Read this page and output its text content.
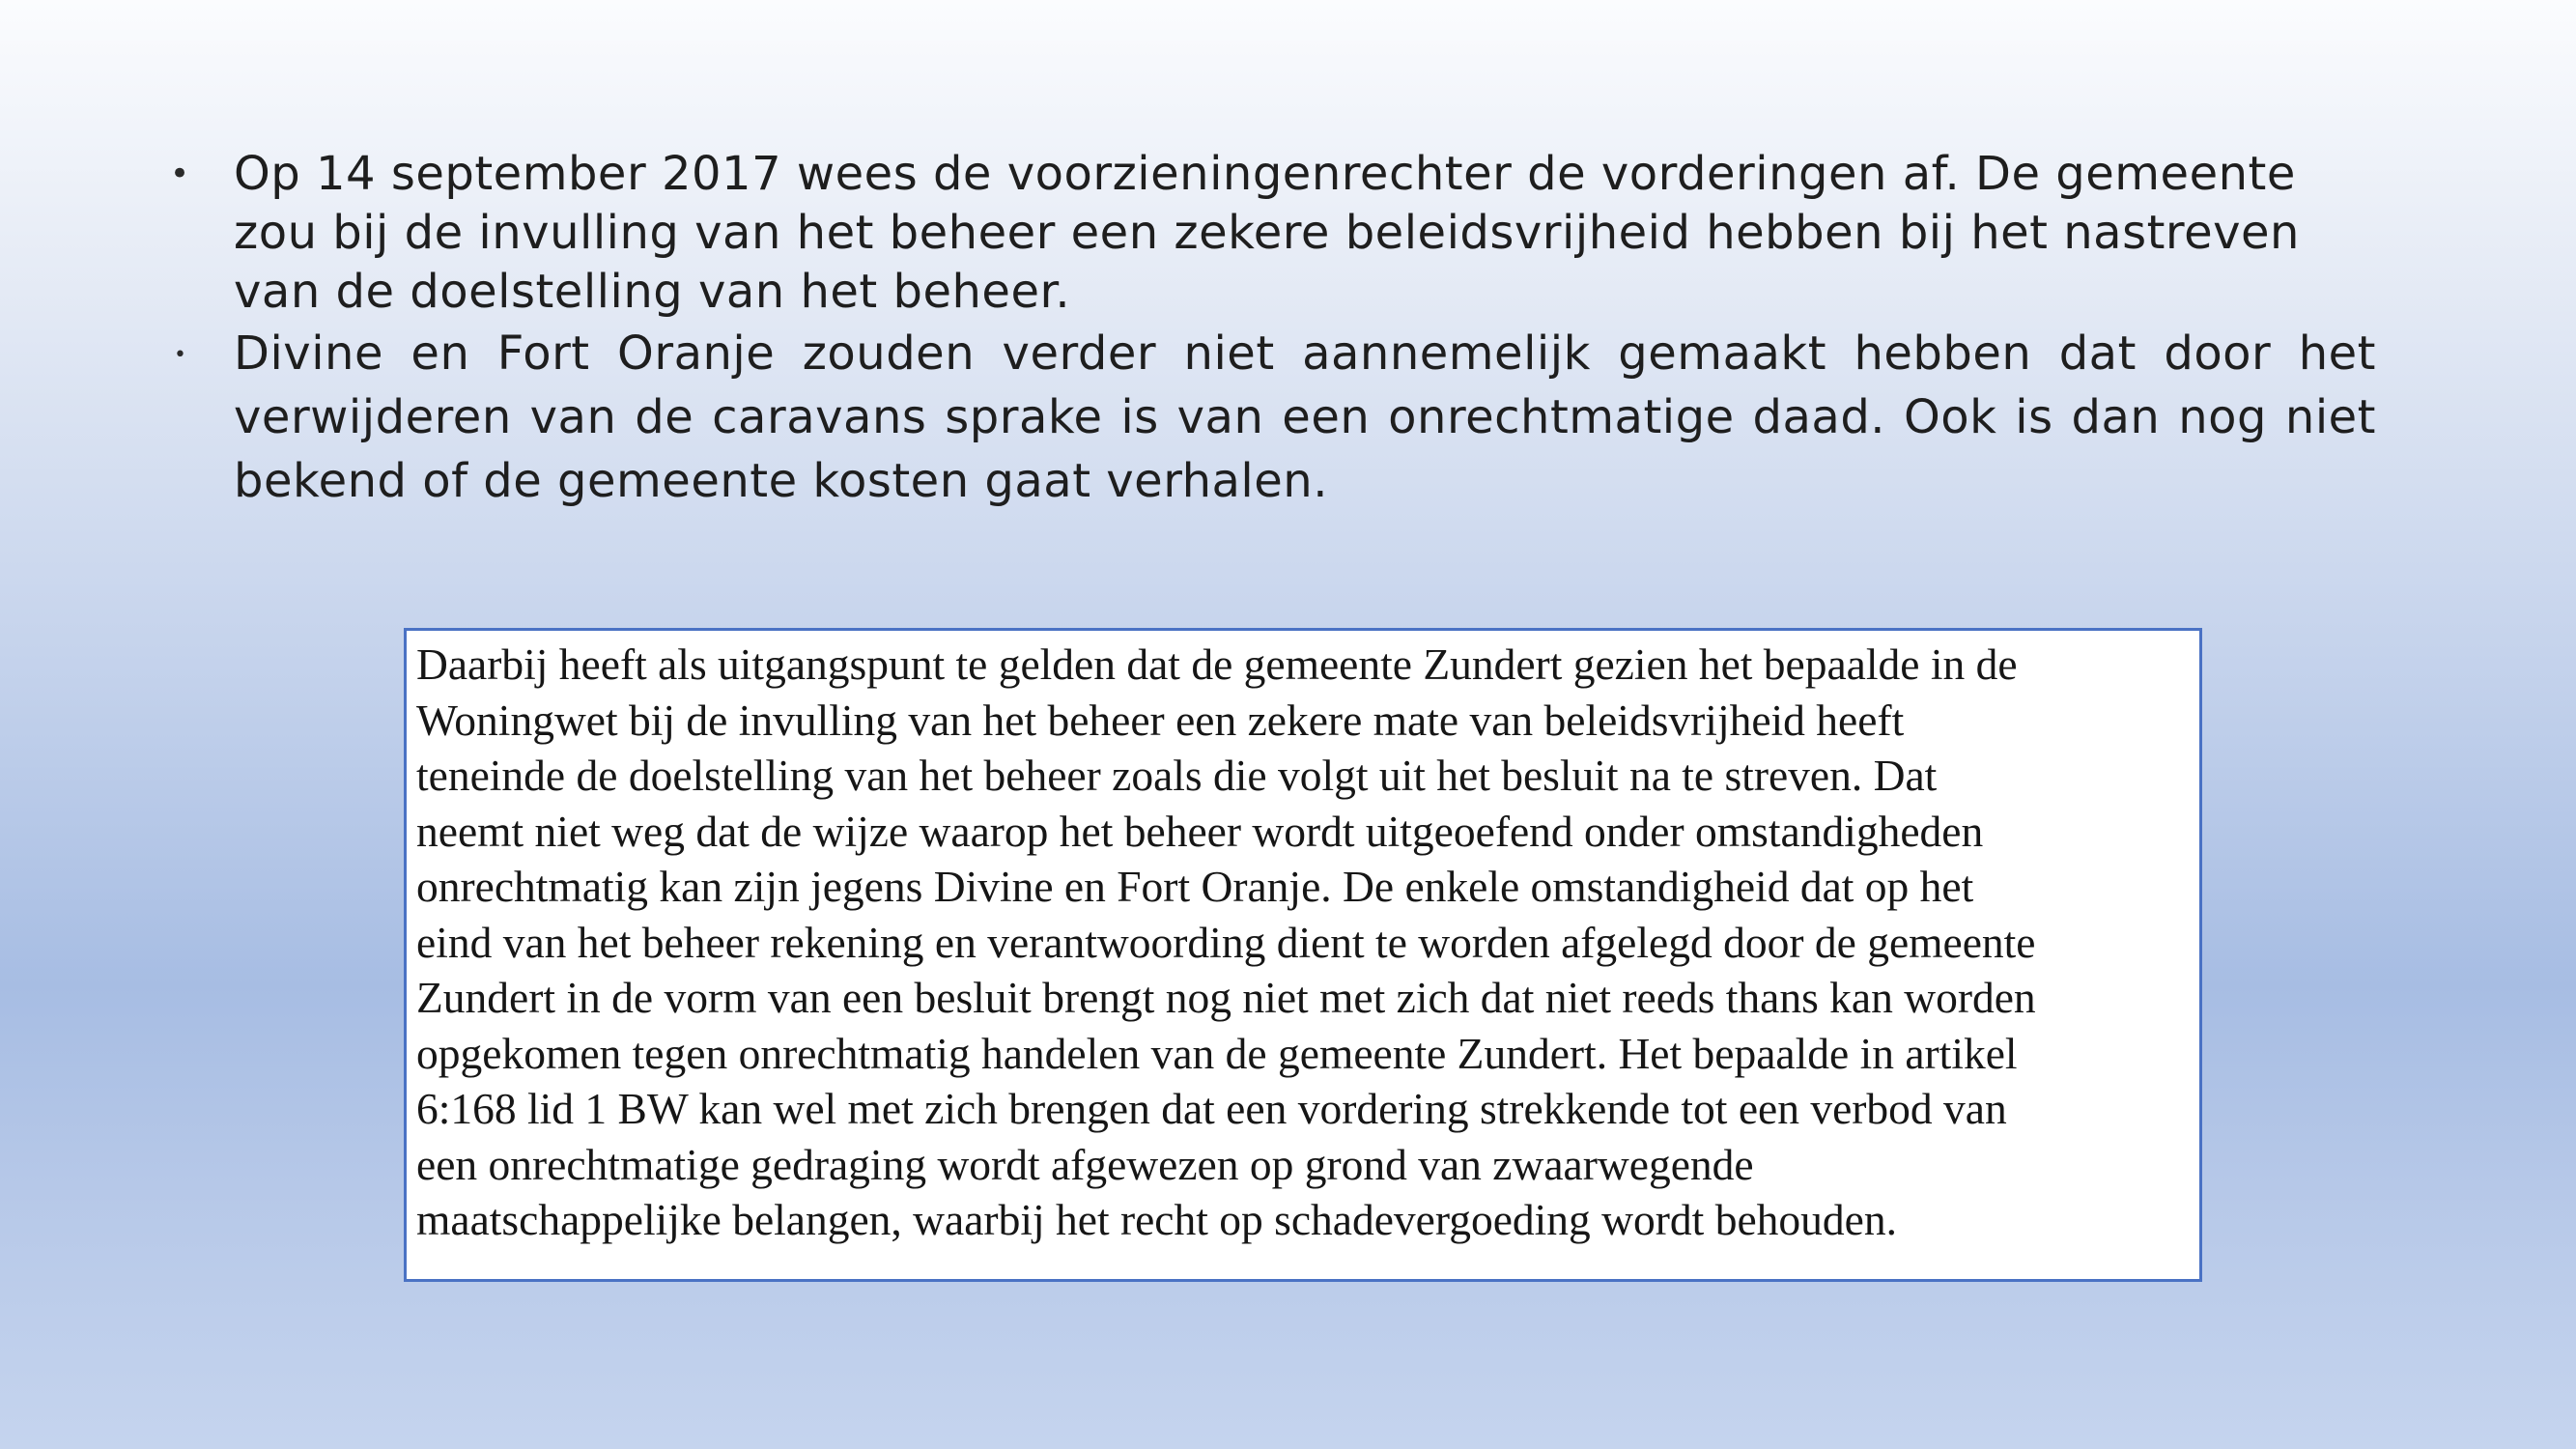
• Op 14 september 2017 wees de voorzieningenrechter de vorderingen af. De gemeente zou bij de invulling van het beheer een zekere beleidsvrijheid hebben bij het nastreven van de doelstelling van het beheer.
• Divine en Fort Oranje zouden verder niet aannemelijk gemaakt hebben dat door het verwijderen van de caravans sprake is van een onrechtmatige daad. Ook is dan nog niet bekend of de gemeente kosten gaat verhalen.

Daarbij heeft als uitgangspunt te gelden dat de gemeente Zundert gezien het bepaalde in de
Woningwet bij de invulling van het beheer een zekere mate van beleidsvrijheid heeft
teneinde de doelstelling van het beheer zoals die volgt uit het besluit na te streven. Dat
neemt niet weg dat de wijze waarop het beheer wordt uitgeoefend onder omstandigheden
onrechtmatig kan zijn jegens Divine en Fort Oranje. De enkele omstandigheid dat op het
eind van het beheer rekening en verantwoording dient te worden afgelegd door de gemeente
Zundert in de vorm van een besluit brengt nog niet met zich dat niet reeds thans kan worden
opgekomen tegen onrechtmatig handelen van de gemeente Zundert. Het bepaalde in artikel
6:168 lid 1 BW kan wel met zich brengen dat een vordering strekkende tot een verbod van
een onrechtmatige gedraging wordt afgewezen op grond van zwaarwegende
maatschappelijke belangen, waarbij het recht op schadevergoeding wordt behouden.
